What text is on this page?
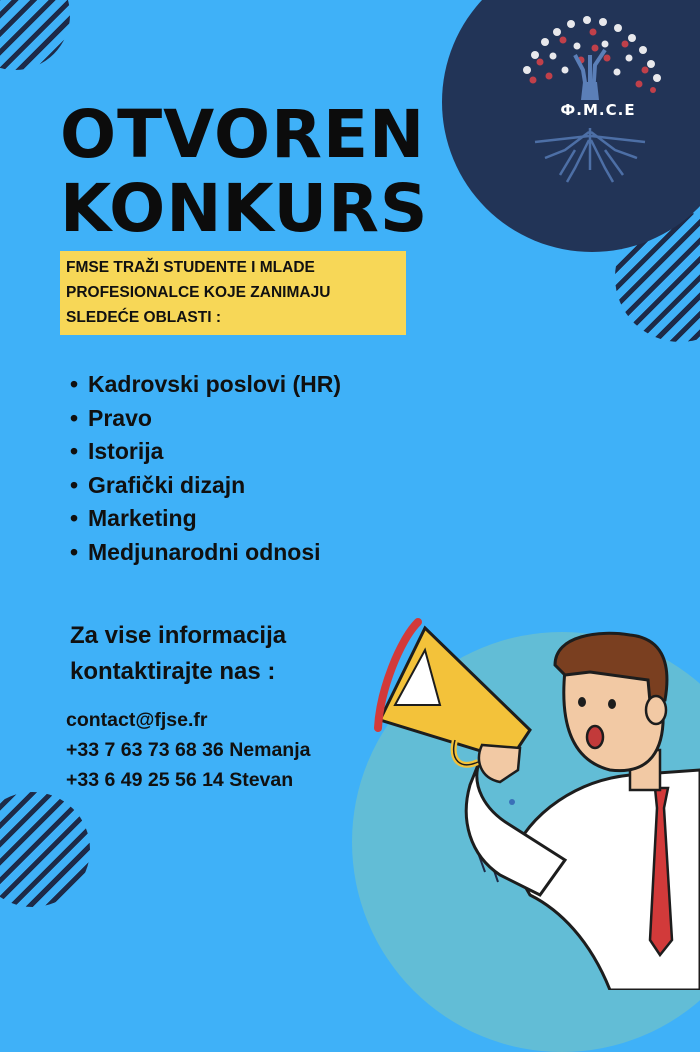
Ф.М.С.Е
OTVOREN
KONKURS
FMSE TRAŽI STUDENTE I MLADE
PROFESIONALCE KOJE ZANIMAJU
SLEDEĆE OBLASTI :
• Kadrovski poslovi (HR)
• Pravo
• Istorija
• Grafički dizajn
• Marketing
• Medjunarodni odnosi
Za vise informacija
kontaktirajte nas :
contact@fjse.fr
+33 7 63 73 68 36 Nemanja
+33 6 49 25 56 14 Stevan
